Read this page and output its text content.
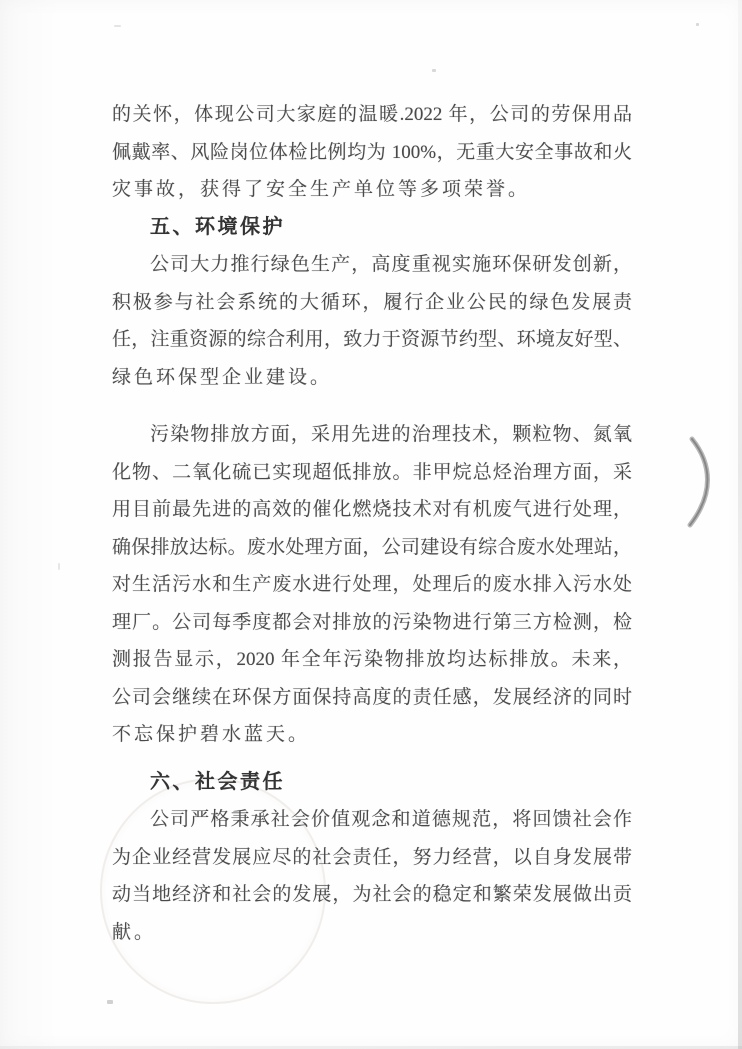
的关怀，体现公司大家庭的温暖.2022 年，公司的劳保用品
佩戴率、风险岗位体检比例均为 100%，无重大安全事故和火
灾事故，获得了安全生产单位等多项荣誉。
五、环境保护
公司大力推行绿色生产，高度重视实施环保研发创新，
积极参与社会系统的大循环，履行企业公民的绿色发展责
任，注重资源的综合利用，致力于资源节约型、环境友好型、
绿色环保型企业建设。
污染物排放方面，采用先进的治理技术，颗粒物、氮氧
化物、二氧化硫已实现超低排放。非甲烷总烃治理方面，采
用目前最先进的高效的催化燃烧技术对有机废气进行处理，
确保排放达标。废水处理方面，公司建设有综合废水处理站，
对生活污水和生产废水进行处理，处理后的废水排入污水处
理厂。公司每季度都会对排放的污染物进行第三方检测，检
测报告显示，2020 年全年污染物排放均达标排放。未来，
公司会继续在环保方面保持高度的责任感，发展经济的同时
不忘保护碧水蓝天。
六、社会责任
公司严格秉承社会价值观念和道德规范，将回馈社会作
为企业经营发展应尽的社会责任，努力经营，以自身发展带
动当地经济和社会的发展，为社会的稳定和繁荣发展做出贡
献。
